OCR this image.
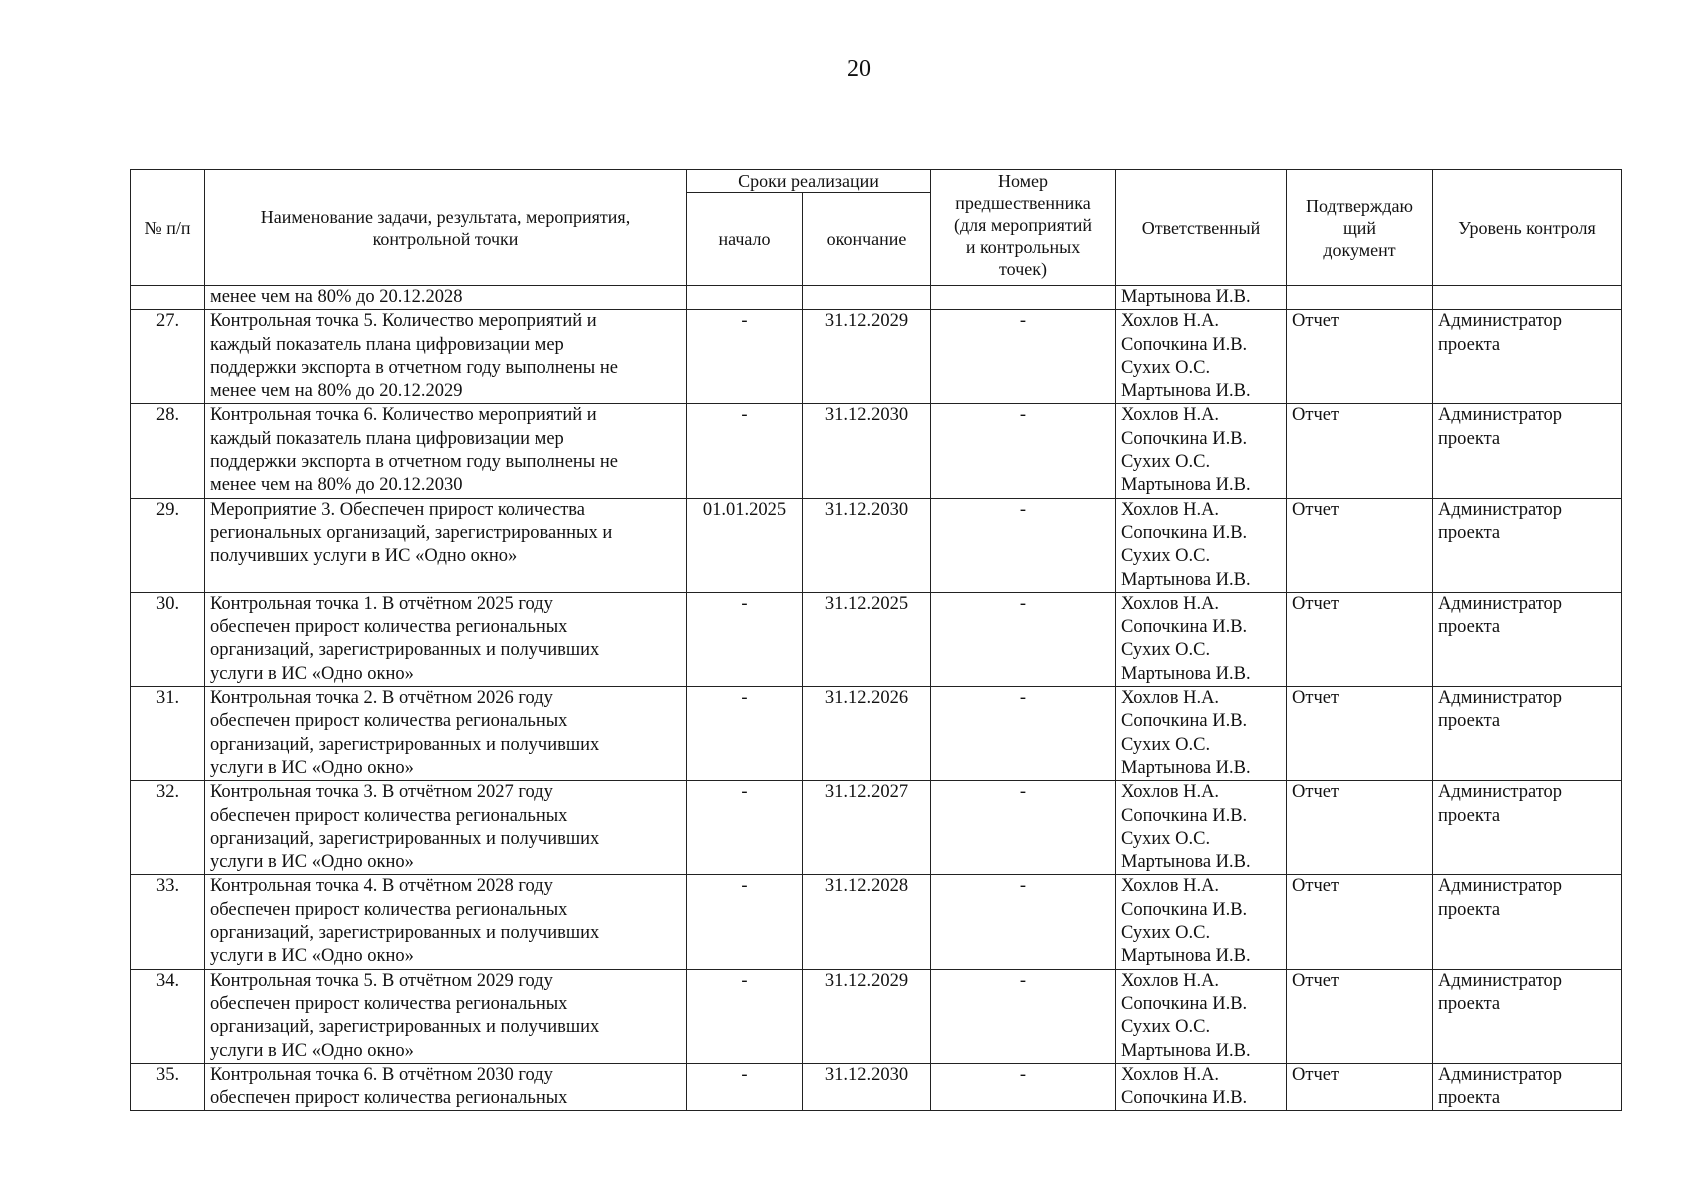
20
№ п/п	Наименование задачи, результата, мероприятия,
контрольной точки	Сроки реализации		Номер
предшественника
(для мероприятий
и контрольных
точек)	Ответственный	Подтверждаю
щий
документ	Уровень контроля
		начало	окончание				
	менее чем на 80% до 20.12.2028				Мартынова И.В.		
27.	Контрольная точка 5. Количество мероприятий и
каждый показатель плана цифровизации мер
поддержки экспорта в отчетном году выполнены не
менее чем на 80% до 20.12.2029	-	31.12.2029	-	Хохлов Н.А.
Сопочкина И.В.
Сухих О.С.
Мартынова И.В.	Отчет	Администратор
проекта

28.	Контрольная точка 6. Количество мероприятий и
каждый показатель плана цифровизации мер
поддержки экспорта в отчетном году выполнены не
менее чем на 80% до 20.12.2030	-	31.12.2030	-	Хохлов Н.А.
Сопочкина И.В.
Сухих О.С.
Мартынова И.В.	Отчет	Администратор
проекта

29.	Мероприятие 3. Обеспечен прирост количества
региональных организаций, зарегистрированных и
получивших услуги в ИС «Одно окно»	01.01.2025	31.12.2030	-	Хохлов Н.А.
Сопочкина И.В.
Сухих О.С.
Мартынова И.В.	Отчет	Администратор
проекта

30.	Контрольная точка 1. В отчётном 2025 году
обеспечен прирост количества региональных
организаций, зарегистрированных и получивших
услуги в ИС «Одно окно»	-	31.12.2025	-	Хохлов Н.А.
Сопочкина И.В.
Сухих О.С.
Мартынова И.В.	Отчет	Администратор
проекта

31.	Контрольная точка 2. В отчётном 2026 году
обеспечен прирост количества региональных
организаций, зарегистрированных и получивших
услуги в ИС «Одно окно»	-	31.12.2026	-	Хохлов Н.А.
Сопочкина И.В.
Сухих О.С.
Мартынова И.В.	Отчет	Администратор
проекта

32.	Контрольная точка 3. В отчётном 2027 году
обеспечен прирост количества региональных
организаций, зарегистрированных и получивших
услуги в ИС «Одно окно»	-	31.12.2027	-	Хохлов Н.А.
Сопочкина И.В.
Сухих О.С.
Мартынова И.В.	Отчет	Администратор
проекта

33.	Контрольная точка 4. В отчётном 2028 году
обеспечен прирост количества региональных
организаций, зарегистрированных и получивших
услуги в ИС «Одно окно»	-	31.12.2028	-	Хохлов Н.А.
Сопочкина И.В.
Сухих О.С.
Мартынова И.В.	Отчет	Администратор
проекта

34.	Контрольная точка 5. В отчётном 2029 году
обеспечен прирост количества региональных
организаций, зарегистрированных и получивших
услуги в ИС «Одно окно»	-	31.12.2029	-	Хохлов Н.А.
Сопочкина И.В.
Сухих О.С.
Мартынова И.В.	Отчет	Администратор
проекта

35.	Контрольная точка 6. В отчётном 2030 году
обеспечен прирост количества региональных	-	31.12.2030	-	Хохлов Н.А.
Сопочкина И.В.	Отчет	Администратор
проекта
